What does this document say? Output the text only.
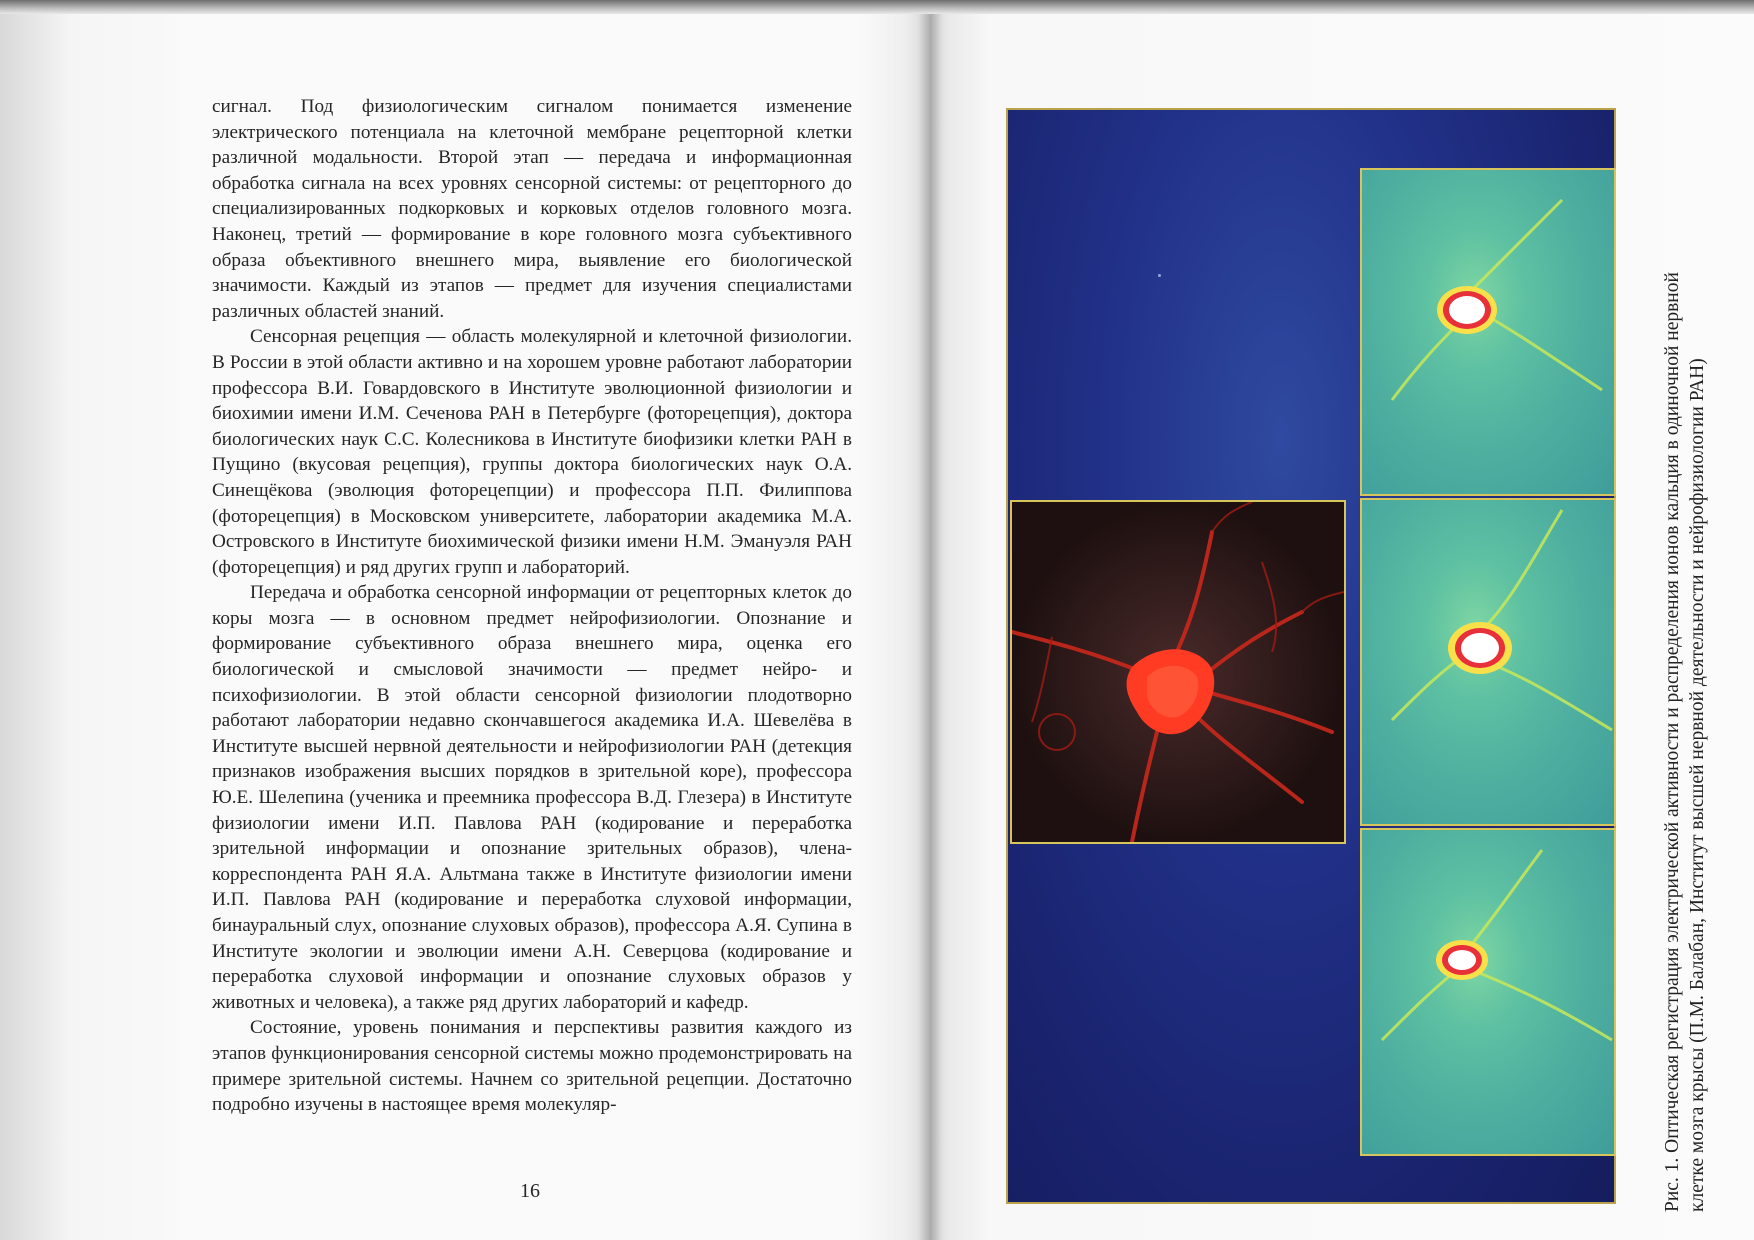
сигнал. Под физиологическим сигналом понимается изменение электрического потенциала на клеточной мембране рецепторной клетки различной модальности. Второй этап — передача и информационная обработка сигнала на всех уровнях сенсорной системы: от рецепторного до специализированных подкорковых и корковых отделов головного мозга. Наконец, третий — формирование в коре головного мозга субъективного образа объективного внешнего мира, выявление его биологической значимости. Каждый из этапов — предмет для изучения специалистами различных областей знаний.

Сенсорная рецепция — область молекулярной и клеточной физиологии. В России в этой области активно и на хорошем уровне работают лаборатории профессора В.И. Говардовского в Институте эволюционной физиологии и биохимии имени И.М. Сеченова РАН в Петербурге (фоторецепция), доктора биологических наук С.С. Колесникова в Институте биофизики клетки РАН в Пущино (вкусовая рецепция), группы доктора биологических наук О.А. Синещёкова (эволюция фоторецепции) и профессора П.П. Филиппова (фоторецепция) в Московском университете, лаборатории академика М.А. Островского в Институте биохимической физики имени Н.М. Эмануэля РАН (фоторецепция) и ряд других групп и лабораторий.

Передача и обработка сенсорной информации от рецепторных клеток до коры мозга — в основном предмет нейрофизиологии. Опознание и формирование субъективного образа внешнего мира, оценка его биологической и смысловой значимости — предмет нейро- и психофизиологии. В этой области сенсорной физиологии плодотворно работают лаборатории недавно скончавшегося академика И.А. Шевелёва в Институте высшей нервной деятельности и нейрофизиологии РАН (детекция признаков изображения высших порядков в зрительной коре), профессора Ю.Е. Шелепина (ученика и преемника профессора В.Д. Глезера) в Институте физиологии имени И.П. Павлова РАН (кодирование и переработка зрительной информации и опознание зрительных образов), члена-корреспондента РАН Я.А. Альтмана также в Институте физиологии имени И.П. Павлова РАН (кодирование и переработка слуховой информации, бинауральный слух, опознание слуховых образов), профессора А.Я. Супина в Институте экологии и эволюции имени А.Н. Северцова (кодирование и переработка слуховой информации и опознание слуховых образов у животных и человека), а также ряд других лабораторий и кафедр.

Состояние, уровень понимания и перспективы развития каждого из этапов функционирования сенсорной системы можно продемонстрировать на примере зрительной системы. Начнем со зрительной рецепции. Достаточно подробно изучены в настоящее время молекуляр-

16	Рис. 1. Оптическая регистрация электрической активности и распределения ионов кальция в одиночной нервной клетке мозга крысы (П.М. Балабан, Институт высшей нервной деятельности и нейрофизиологии РАН)
